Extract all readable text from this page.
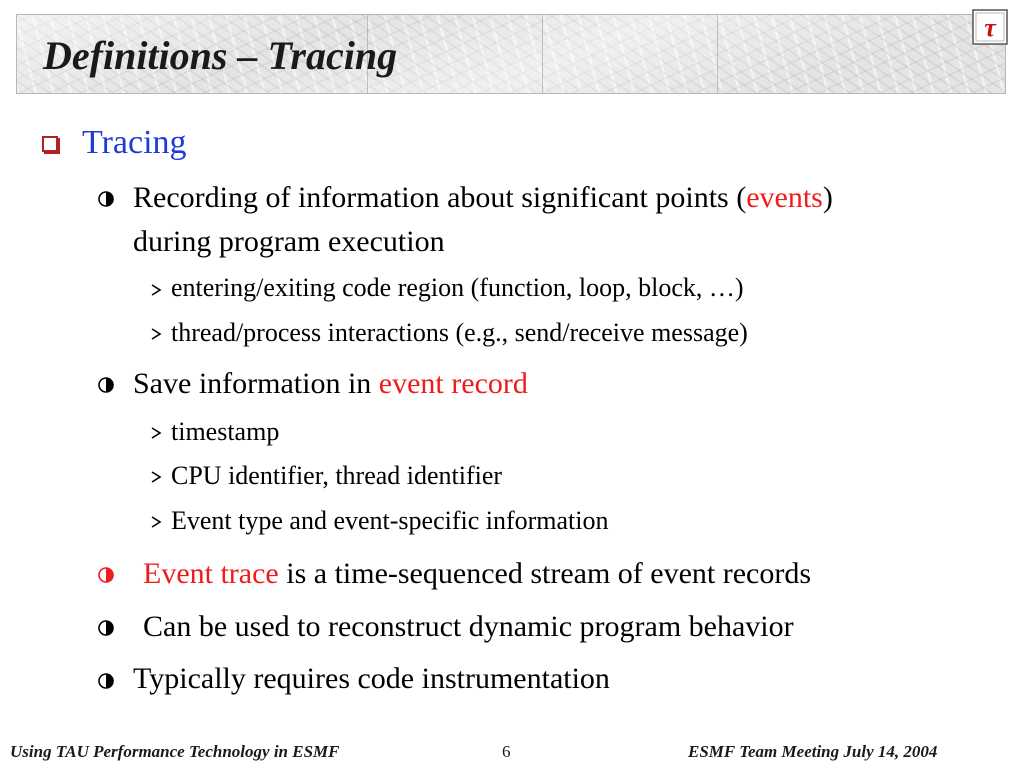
Definitions – Tracing
τ
Tracing
Recording of information about significant points (events)
during program execution
entering/exiting code region (function, loop, block, …)
thread/process interactions (e.g., send/receive message)
Save information in event record
timestamp
CPU identifier, thread identifier
Event type and event-specific information
Event trace is a time-sequenced stream of event records
Can be used to reconstruct dynamic program behavior
Typically requires code instrumentation
Using TAU Performance Technology in ESMF	6	ESMF Team Meeting July 14, 2004
